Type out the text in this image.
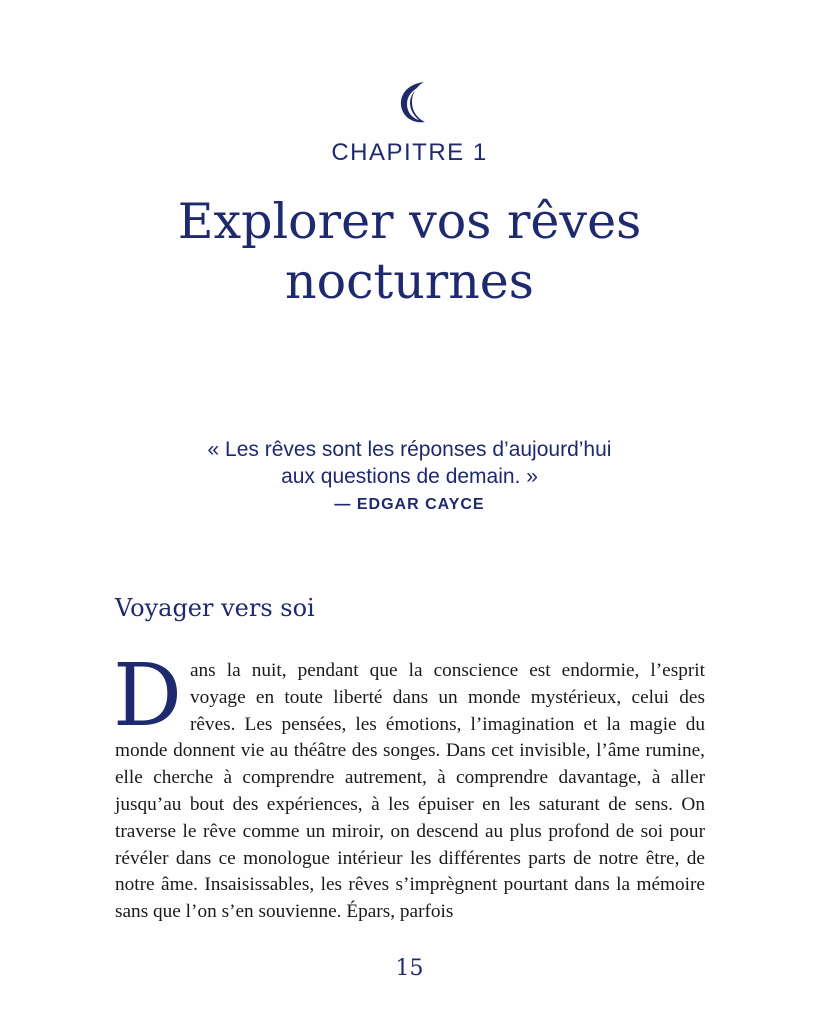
CHAPITRE 1
Explorer vos rêves nocturnes
« Les rêves sont les réponses d’aujourd’hui
aux questions de demain. »
— EDGAR CAYCE
Voyager vers soi

Dans la nuit, pendant que la conscience est endormie, l’esprit voyage en toute liberté dans un monde mystérieux, celui des rêves. Les pensées, les émotions, l’imagination et la magie du monde donnent vie au théâtre des songes. Dans cet invisible, l’âme rumine, elle cherche à comprendre autrement, à comprendre davantage, à aller jusqu’au bout des expériences, à les épuiser en les saturant de sens. On traverse le rêve comme un miroir, on descend au plus profond de soi pour révéler dans ce monologue intérieur les différentes parts de notre être, de notre âme. Insaisissables, les rêves s’imprègnent pourtant dans la mémoire sans que l’on s’en souvienne. Épars, parfois

15
